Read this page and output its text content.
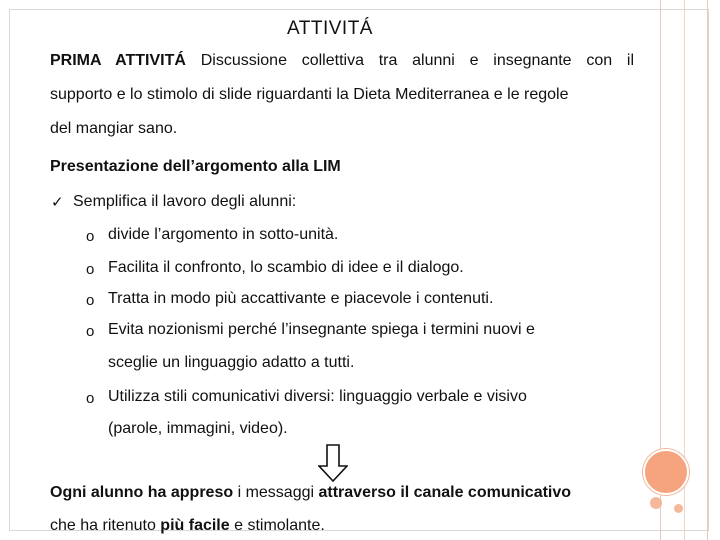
ATTIVITÁ
PRIMA ATTIVITÁ Discussione collettiva tra alunni e insegnante con il
supporto e lo stimolo di slide riguardanti la Dieta Mediterranea e le regole
del mangiar sano.
Presentazione dell’argomento alla LIM
✓ Semplifica il lavoro degli alunni:
o divide l’argomento in sotto-unità.
o Facilita il confronto, lo scambio di idee e il dialogo.
o Tratta in modo più accattivante e piacevole i contenuti.
o Evita nozionismi perché l’insegnante spiega i termini nuovi e
sceglie un linguaggio adatto a tutti.
o Utilizza stili comunicativi diversi: linguaggio verbale e visivo
(parole, immagini, video).
Ogni alunno ha appreso i messaggi attraverso il canale comunicativo
che ha ritenuto più facile e stimolante.
